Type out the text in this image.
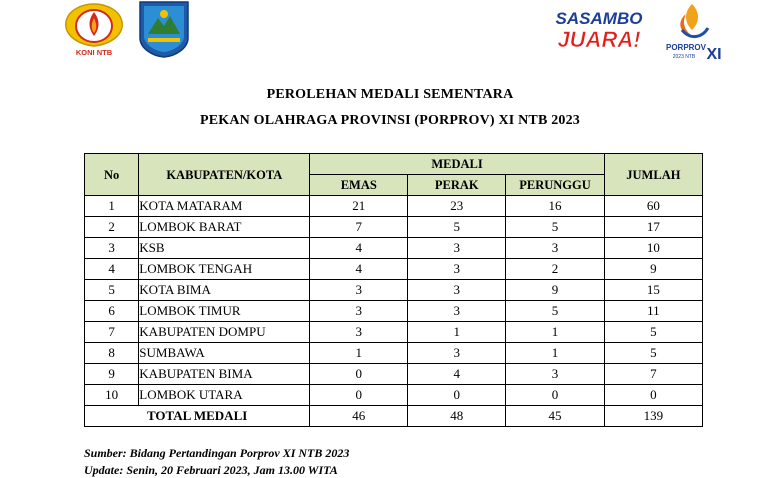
KONI NTB
SASAMBO
JUARA!	PORPROV
2023 NTB XI
PEROLEHAN MEDALI SEMENTARA
PEKAN OLAHRAGA PROVINSI (PORPROV) XI NTB 2023
No	KABUPATEN/KOTA	MEDALI			JUMLAH
		EMAS	PERAK	PERUNGGU	
1	KOTA MATARAM	21	23	16	60
2	LOMBOK BARAT	7	5	5	17
3	KSB	4	3	3	10
4	LOMBOK TENGAH	4	3	2	9
5	KOTA BIMA	3	3	9	15
6	LOMBOK TIMUR	3	3	5	11
7	KABUPATEN DOMPU	3	1	1	5
8	SUMBAWA	1	3	1	5
9	KABUPATEN BIMA	0	4	3	7
10	LOMBOK UTARA	0	0	0	0
TOTAL MEDALI		46	48	45	139
Sumber: Bidang Pertandingan Porprov XI NTB 2023
Update: Senin, 20 Februari 2023, Jam 13.00 WITA
